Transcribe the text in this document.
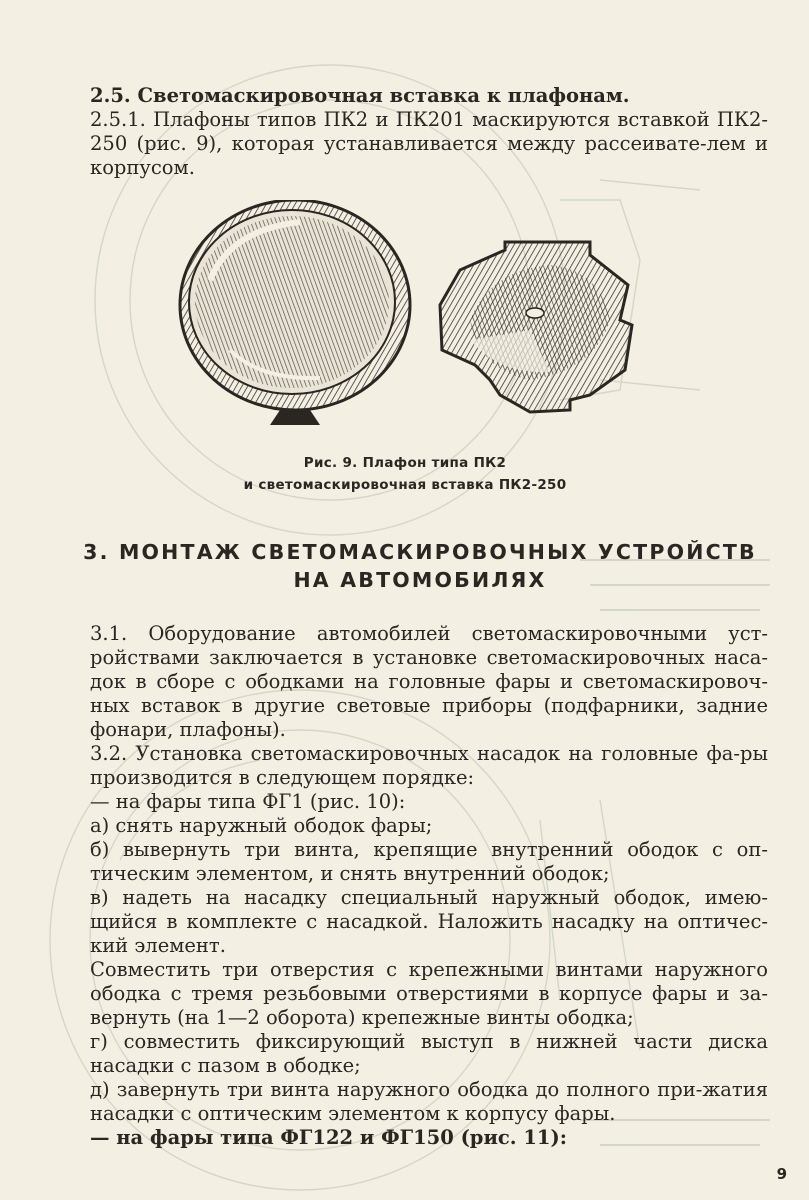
2.5. Светомаскировочная вставка к плафонам.

2.5.1. Плафоны типов ПК2 и ПК201 маскируются вставкой ПК2-250 (рис. 9), которая устанавливается между рассеивате-лем и корпусом.

Рис. 9. Плафон типа ПК2
и светомаскировочная вставка ПК2-250
3. МОНТАЖ СВЕТОМАСКИРОВОЧНЫХ УСТРОЙСТВ
НА АВТОМОБИЛЯХ

3.1. Оборудование автомобилей светомаскировочными уст-ройствами заключается в установке светомаскировочных наса-док в сборе с ободками на головные фары и светомаскировоч-ных вставок в другие световые приборы (подфарники, задние фонари, плафоны).

3.2. Установка светомаскировочных насадок на головные фа-ры производится в следующем порядке:

— на фары типа ФГ1 (рис. 10):

а) снять наружный ободок фары;

б) вывернуть три винта, крепящие внутренний ободок с оп-тическим элементом, и снять внутренний ободок;

в) надеть на насадку специальный наружный ободок, имею-щийся в комплекте с насадкой. Наложить насадку на оптичес-кий элемент.

Совместить три отверстия с крепежными винтами наружного ободка с тремя резьбовыми отверстиями в корпусе фары и за-вернуть (на 1—2 оборота) крепежные винты ободка;

г) совместить фиксирующий выступ в нижней части диска насадки с пазом в ободке;

д) завернуть три винта наружного ободка до полного при-жатия насадки с оптическим элементом к корпусу фары.

— на фары типа ФГ122 и ФГ150 (рис. 11):

9
